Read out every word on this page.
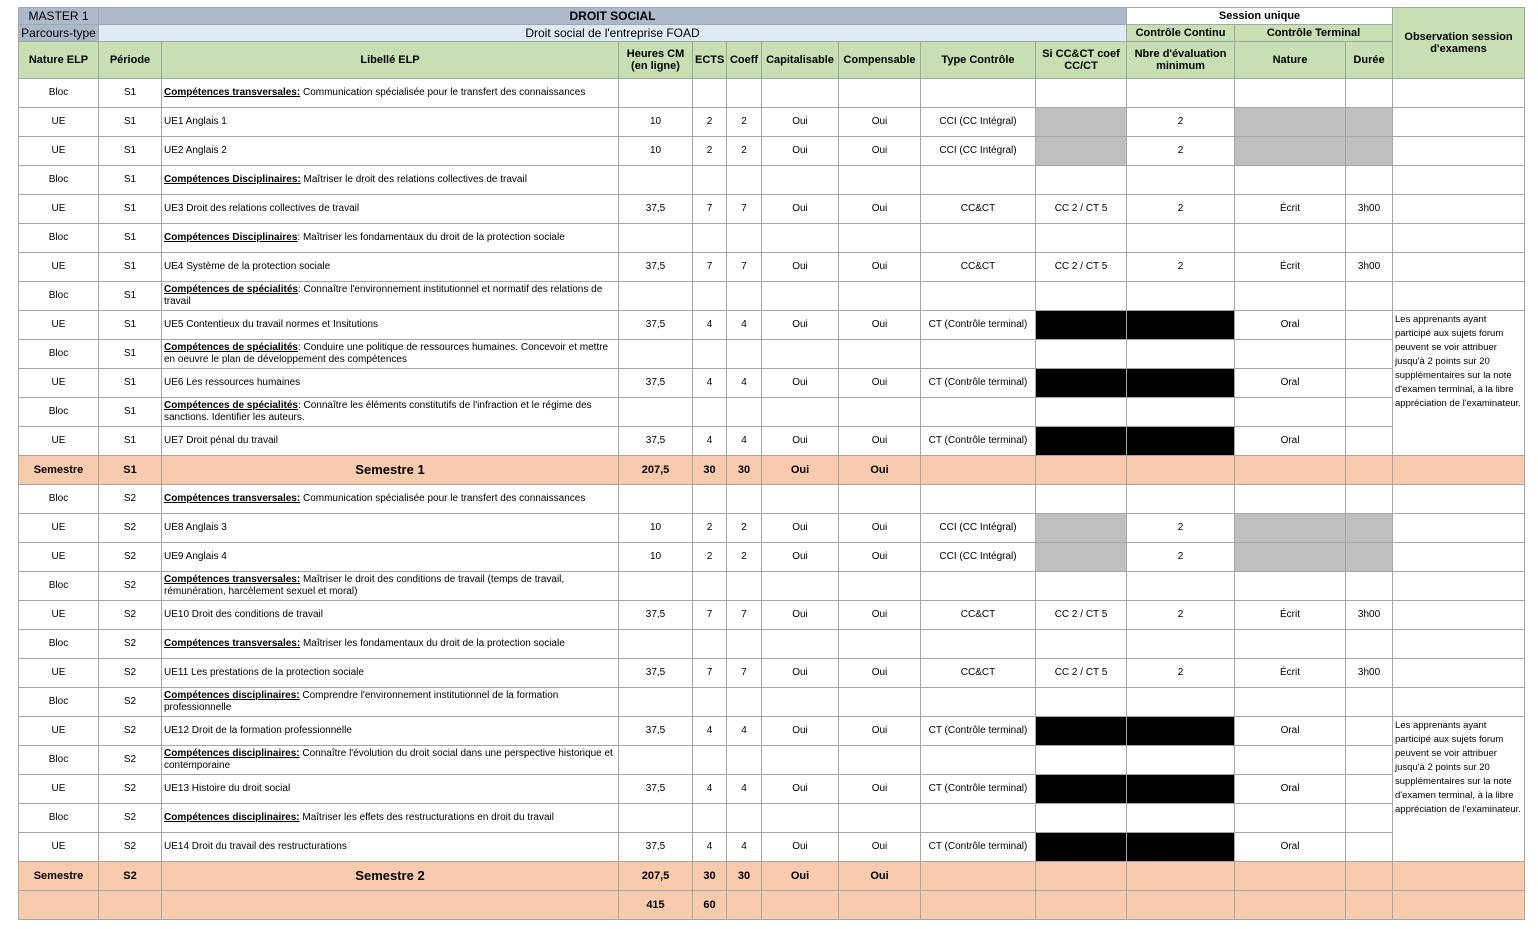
MASTER 1	DROIT SOCIAL									Session unique			Observation session d'examens
Parcours-type	Droit social de l'entreprise FOAD									Contrôle Continu	Contrôle Terminal		
Nature ELP	Période	Libellé ELP	Heures CM (en ligne)	ECTS	Coeff	Capitalisable	Compensable	Type Contrôle	Si CC&CT coef CC/CT	Nbre d'évaluation minimum	Nature	Durée	
Bloc	S1	Compétences transversales: Communication spécialisée pour le transfert des connaissances											
UE	S1	UE1 Anglais 1	10	2	2	Oui	Oui	CCI (CC Intégral)		2			
UE	S1	UE2 Anglais 2	10	2	2	Oui	Oui	CCI (CC Intégral)		2			
Bloc	S1	Compétences Disciplinaires: Maîtriser le droit des relations collectives de travail											
UE	S1	UE3 Droit des relations collectives de travail	37,5	7	7	Oui	Oui	CC&CT	CC 2 / CT 5	2	Écrit	3h00	
Bloc	S1	Compétences Disciplinaires: Maîtriser les fondamentaux du droit de la protection sociale											
UE	S1	UE4 Système de la protection sociale	37,5	7	7	Oui	Oui	CC&CT	CC 2 / CT 5	2	Écrit	3h00	
Bloc	S1	Compétences de spécialités: Connaître l'environnement institutionnel et normatif des relations de travail											
UE	S1	UE5 Contentieux du travail normes et Insitutions	37,5	4	4	Oui	Oui	CT (Contrôle terminal)			Oral		Les apprenants ayant participé aux sujets forum peuvent se voir attribuer jusqu'à 2 points sur 20 supplémentaires sur la note d'examen terminal, à la libre appréciation de l'examinateur.

Bloc	S1	Compétences de spécialités: Conduire une politique de ressources humaines. Concevoir et mettre en oeuvre le plan de développement des compétences											
UE	S1	UE6 Les ressources humaines	37,5	4	4	Oui	Oui	CT (Contrôle terminal)			Oral		
Bloc	S1	Compétences de spécialités: Connaître les éléments constitutifs de l'infraction et le régime des sanctions. Identifier les auteurs.											
UE	S1	UE7 Droit pénal du travail	37,5	4	4	Oui	Oui	CT (Contrôle terminal)			Oral		
Semestre	S1	Semestre 1	207,5	30	30	Oui	Oui						
Bloc	S2	Compétences transversales: Communication spécialisée pour le transfert des connaissances											
UE	S2	UE8 Anglais 3	10	2	2	Oui	Oui	CCI (CC Intégral)		2			
UE	S2	UE9 Anglais 4	10	2	2	Oui	Oui	CCI (CC Intégral)		2			
Bloc	S2	Compétences transversales: Maîtriser le droit des conditions de travail (temps de travail, rémunération, harcèlement sexuel et moral)											
UE	S2	UE10 Droit des conditions de travail	37,5	7	7	Oui	Oui	CC&CT	CC 2 / CT 5	2	Écrit	3h00	
Bloc	S2	Compétences transversales: Maîtriser les fondamentaux du droit de la protection sociale											
UE	S2	UE11 Les prestations de la protection sociale	37,5	7	7	Oui	Oui	CC&CT	CC 2 / CT 5	2	Écrit	3h00	
Bloc	S2	Compétences disciplinaires: Comprendre l'environnement institutionnel de la formation professionnelle											
UE	S2	UE12 Droit de la formation professionnelle	37,5	4	4	Oui	Oui	CT (Contrôle terminal)			Oral		Les apprenants ayant participé aux sujets forum peuvent se voir attribuer jusqu'à 2 points sur 20 supplémentaires sur la note d'examen terminal, à la libre appréciation de l'examinateur.

Bloc	S2	Compétences disciplinaires: Connaître l'évolution du droit social dans une perspective historique et contemporaine											
UE	S2	UE13 Histoire du droit social	37,5	4	4	Oui	Oui	CT (Contrôle terminal)			Oral		
Bloc	S2	Compétences disciplinaires: Maîtriser les effets des restructurations en droit du travail											
UE	S2	UE14 Droit du travail des restructurations	37,5	4	4	Oui	Oui	CT (Contrôle terminal)			Oral		
Semestre	S2	Semestre 2	207,5	30	30	Oui	Oui						
			415	60									
